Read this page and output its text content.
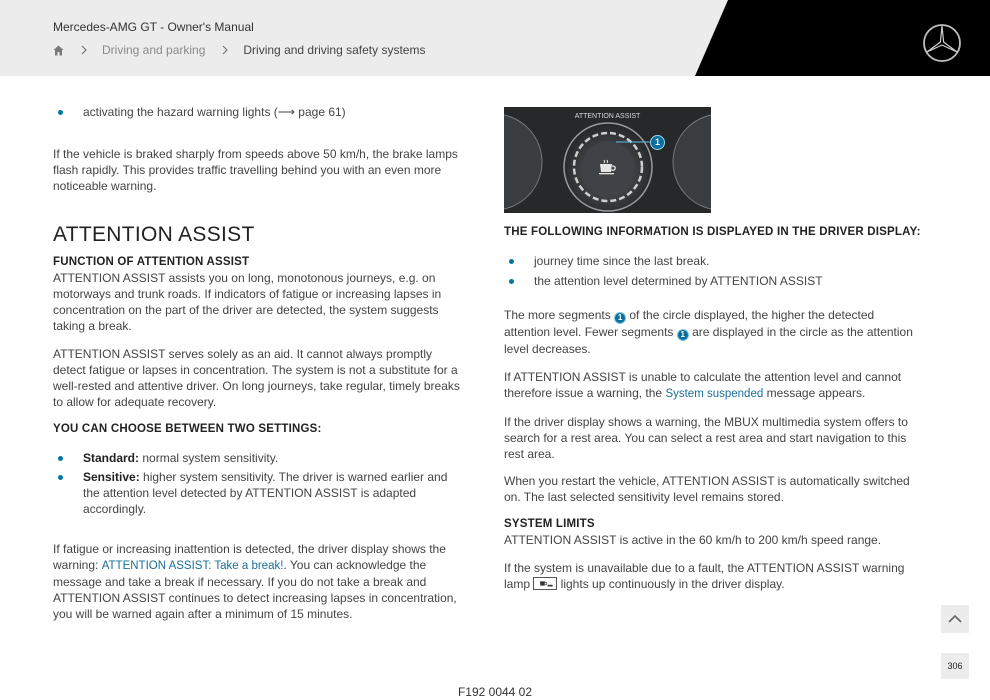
Mercedes-AMG GT - Owner's Manual
Driving and parking	Driving and driving safety systems

activating the hazard warning lights (⟶ page 61)

If the vehicle is braked sharply from speeds above 50 km/h, the brake lamps flash rapidly. This provides traffic travelling behind you with an even more noticeable warning.

ATTENTION ASSIST
FUNCTION OF ATTENTION ASSIST

ATTENTION ASSIST assists you on long, monotonous journeys, e.g. on motorways and trunk roads. If indicators of fatigue or increasing lapses in concentration on the part of the driver are detected, the system suggests taking a break.

ATTENTION ASSIST serves solely as an aid. It cannot always promptly detect fatigue or lapses in concentration. The system is not a substitute for a well-rested and attentive driver. On long journeys, take regular, timely breaks to allow for adequate recovery.

YOU CAN CHOOSE BETWEEN TWO SETTINGS:

Standard: normal system sensitivity.

Sensitive: higher system sensitivity. The driver is warned earlier and the attention level detected by ATTENTION ASSIST is adapted accordingly.

If fatigue or increasing inattention is detected, the driver display shows the warning: ATTENTION ASSIST: Take a break!. You can acknowledge the message and take a break if necessary. If you do not take a break and ATTENTION ASSIST continues to detect increasing lapses in concentration, you will be warned again after a minimum of 15 minutes.

ATTENTION ASSIST
1
THE FOLLOWING INFORMATION IS DISPLAYED IN THE DRIVER DISPLAY:

journey time since the last break.

the attention level determined by ATTENTION ASSIST

The more segments 1 of the circle displayed, the higher the detected attention level. Fewer segments 1 are displayed in the circle as the attention level decreases.

If ATTENTION ASSIST is unable to calculate the attention level and cannot therefore issue a warning, the System suspended message appears.

If the driver display shows a warning, the MBUX multimedia system offers to search for a rest area. You can select a rest area and start navigation to this rest area.

When you restart the vehicle, ATTENTION ASSIST is automatically switched on. The last selected sensitivity level remains stored.

SYSTEM LIMITS

ATTENTION ASSIST is active in the 60 km/h to 200 km/h speed range.

If the system is unavailable due to a fault, the ATTENTION ASSIST warning lamp
lights up continuously in the driver display.

306
F192 0044 02
